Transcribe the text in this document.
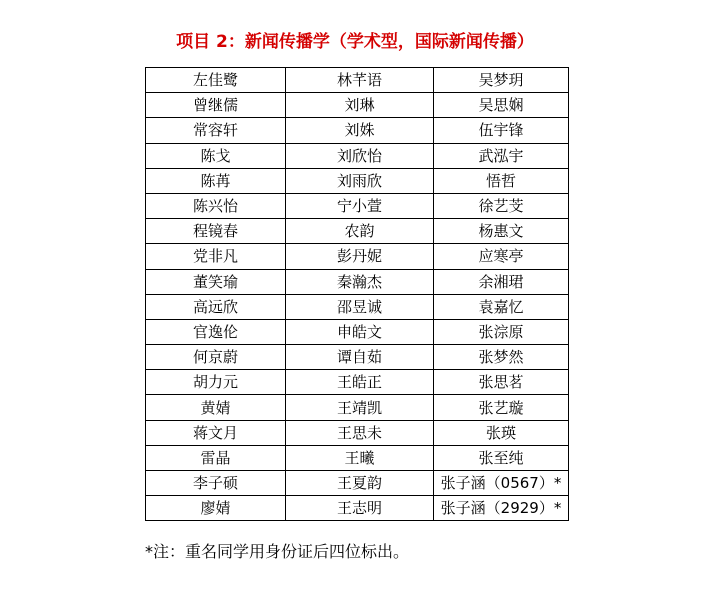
项目 2：新闻传播学（学术型，国际新闻传播）
左佳鹭	林芊语	吴梦玥
曾继儒	刘琳	吴思娴
常容轩	刘姝	伍宇锋
陈戈	刘欣怡	武泓宇
陈苒	刘雨欣	悟哲
陈兴怡	宁小萱	徐艺芠
程镜春	农韵	杨惠文
党非凡	彭丹妮	应寒亭
董笑瑜	秦瀚杰	余湘珺
高远欣	邵昱诚	袁嘉忆
官逸伦	申皓文	张淙原
何京蔚	谭自茹	张梦然
胡力元	王皓正	张思茗
黄婧	王靖凯	张艺璇
蒋文月	王思未	张瑛
雷晶	王曦	张至纯
李子硕	王夏韵	张子涵（0567）*
廖婧	王志明	张子涵（2929）*
*注：重名同学用身份证后四位标出。
